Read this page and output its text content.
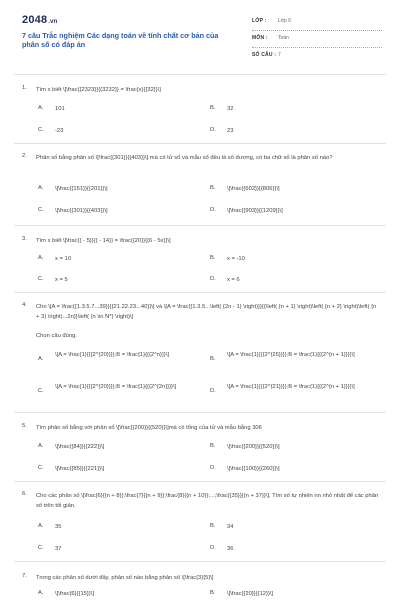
2048.vn
7 câu Trắc nghiệm Các dạng toán về tính chất cơ bản của phân số có đáp án
LỚP : Lớp 6
MÔN : Toán
SỐ CÂU : 7
1. Tìm x biết \[\frac{{2323}}{{3232}} = \frac{x}{{32}}\]
A. 101	B. 32
C. -23	D. 23
2. Phân số bằng phân số \[\frac{{301}}{{403}}\] mà có tử số và mẫu số đều là số dương, có ba chữ số là phân số nào?
A. \[\frac{{151}}{{201}}\]	B. \[\frac{{602}}{{806}}\]
C. \[\frac{{301}}{{403}}\]	D. \[\frac{{903}}{{1209}}\]
3. Tìm x biết \[\frac{{ - 5}}{{ - 14}} = \frac{{20}}{{6 - 5x}}\]
A. x = 10	B. x = -10
C. x = 5	D. x = 6
4. Cho \[A = \frac{{1.3.5.7...39}}{{21.22.23...40}}\] và \[A = \frac{{1.3.5...\left( {2n - 1} \right)}}{{\left( {n + 1} \right)\left( {n + 2} \right)\left( {n + 3} \right)...2n}}\left( {n \in N*} \right)\]
Chọn câu đúng.
A.
\[A = \frac{1}{{{2^{20}}}};B = \frac{1}{{{2^n}}}\]
B.
\[A = \frac{1}{{{2^{25}}}};B = \frac{1}{{{2^{n + 1}}}}\]
C.
\[A = \frac{1}{{{2^{20}}}};B = \frac{1}{{{2^{2n}}}}\]
D.
\[A = \frac{1}{{{2^{21}}}};B = \frac{1}{{{2^{n + 1}}}}\]
5. Tìm phân số bằng với phân số \[\frac{{200}}{{520}}\]mà có tổng của tử và mẫu bằng 306
A. \[\frac{{84}}{{222}}\]	B. \[\frac{{200}}{{520}}\]
C. \[\frac{{85}}{{221}}\]	D. \[\frac{{100}}{{260}}\]
6. Cho các phân số \[\frac{6}{{n + 8}};\frac{7}{{n + 9}};\frac{8}{{n + 10}};...;\frac{{35}}{{n + 37}}\]. Tìm số tự nhiên nn nhỏ nhất để các phân số trên tối giản.
A. 35	B. 34
C. 37	D. 36
7. Trong các phân số dưới đây, phân số nào bằng phân số \[\frac{3}{5}\]
A. \[\frac{6}{{15}}\]	B. \[\frac{{20}}{{12}}\]
